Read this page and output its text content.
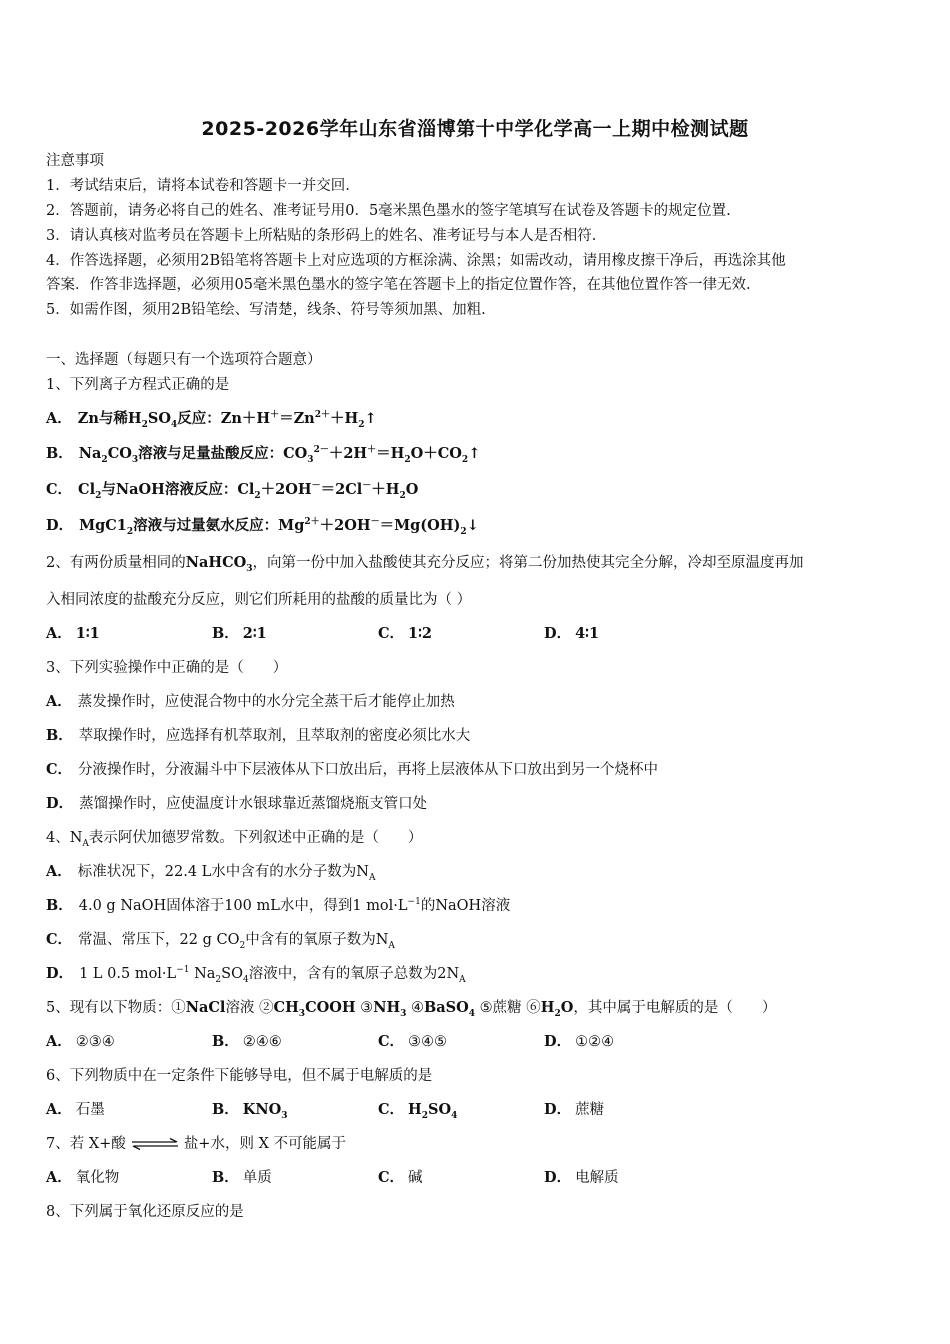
2025-2026学年山东省淄博第十中学化学高一上期中检测试题
注意事项
1．考试结束后，请将本试卷和答题卡一并交回.
2．答题前，请务必将自己的姓名、准考证号用0．5毫米黑色墨水的签字笔填写在试卷及答题卡的规定位置.
3．请认真核对监考员在答题卡上所粘贴的条形码上的姓名、准考证号与本人是否相符.
4．作答选择题，必须用2B铅笔将答题卡上对应选项的方框涂满、涂黑；如需改动，请用橡皮擦干净后，再选涂其他
答案．作答非选择题，必须用05毫米黑色墨水的签字笔在答题卡上的指定位置作答，在其他位置作答一律无效.
5．如需作图，须用2B铅笔绘、写清楚，线条、符号等须加黑、加粗.
一、选择题（每题只有一个选项符合题意）
1、下列离子方程式正确的是
A． Zn与稀$H_2SO_4$反应：$Zn+H^+=Zn^{2+}+H_2↑$
B． $Na_2CO_3$溶液与足量盐酸反应：$CO_3^{2-}+2H^+=H_2O+CO_2↑$
C． $Cl_2$与NaOH溶液反应：$Cl_2+2OH^-=2Cl^-+H_2O$
D． $MgC1_2$溶液与过量氨水反应：$Mg^{2+}+2OH^-=Mg(OH)_2↓$
2、有两份质量相同的NaHCO$_3$，向第一份中加入盐酸使其充分反应；将第二份加热使其完全分解，冷却至原温度再加
入相同浓度的盐酸充分反应，则它们所耗用的盐酸的质量比为（ ）
A． 1∶1	B． 2∶1	C． 1∶2	D． 4∶1
3、下列实验操作中正确的是（　　）
A． 蒸发操作时，应使混合物中的水分完全蒸干后才能停止加热
B． 萃取操作时，应选择有机萃取剂，且萃取剂的密度必须比水大
C． 分液操作时，分液漏斗中下层液体从下口放出后，再将上层液体从下口放出到另一个烧杯中
D． 蒸馏操作时，应使温度计水银球靠近蒸馏烧瓶支管口处
4、$N_A$表示阿伏加德罗常数。下列叙述中正确的是（　　）
A． 标准状况下，22.4 L水中含有的水分子数为$N_A$
B． 4.0 g NaOH固体溶于100 mL水中，得到1 $mol\cdot L^{-1}$的NaOH溶液
C． 常温、常压下，22 g $CO_2$中含有的氧原子数为$N_A$
D． 1 L 0.5 $mol\cdot L^{-1}$ $Na_2SO_4$溶液中，含有的氧原子总数为$2N_A$
5、现有以下物质：①NaCl溶液 $②CH_3COOH$ $③NH_3$ ④BaSO$_4$ ⑤蔗糖 $⑥H_2O$，其中属于电解质的是（　　）
A． ②③④	B． ②④⑥	C． ③④⑤	D． ①②④
6、下列物质中在一定条件下能够导电，但不属于电解质的是
A． 石墨	B． $KNO_3$	C． $H_2SO_4$	D． 蔗糖
7、若 X+酸 ⇌ 盐+水，则 X 不可能属于
A． 氧化物	B． 单质	C． 碱	D． 电解质
8、下列属于氧化还原反应的是
